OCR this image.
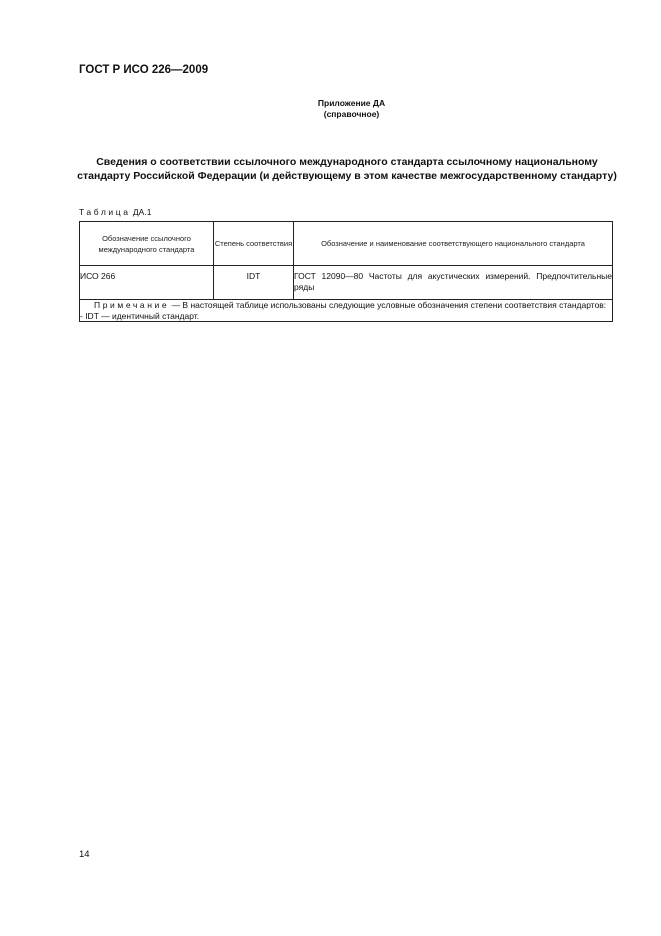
ГОСТ Р ИСО 226—2009
Приложение ДА
(справочное)
Сведения о соответствии ссылочного международного стандарта ссылочному национальному стандарту Российской Федерации (и действующему в этом качестве межгосударственному стандарту)
Таблица ДА.1
Обозначение ссылочного международного стандарта	Степень соответствия	Обозначение и наименование соответствующего национального стандарта
ИСО 266	IDT	ГОСТ 12090—80 Частоты для акустических измерений. Предпочтительные ряды
Примечание — В настоящей таблице использованы следующие условные обозначения степени соответствия стандартов:
- IDT — идентичный стандарт.		
14
